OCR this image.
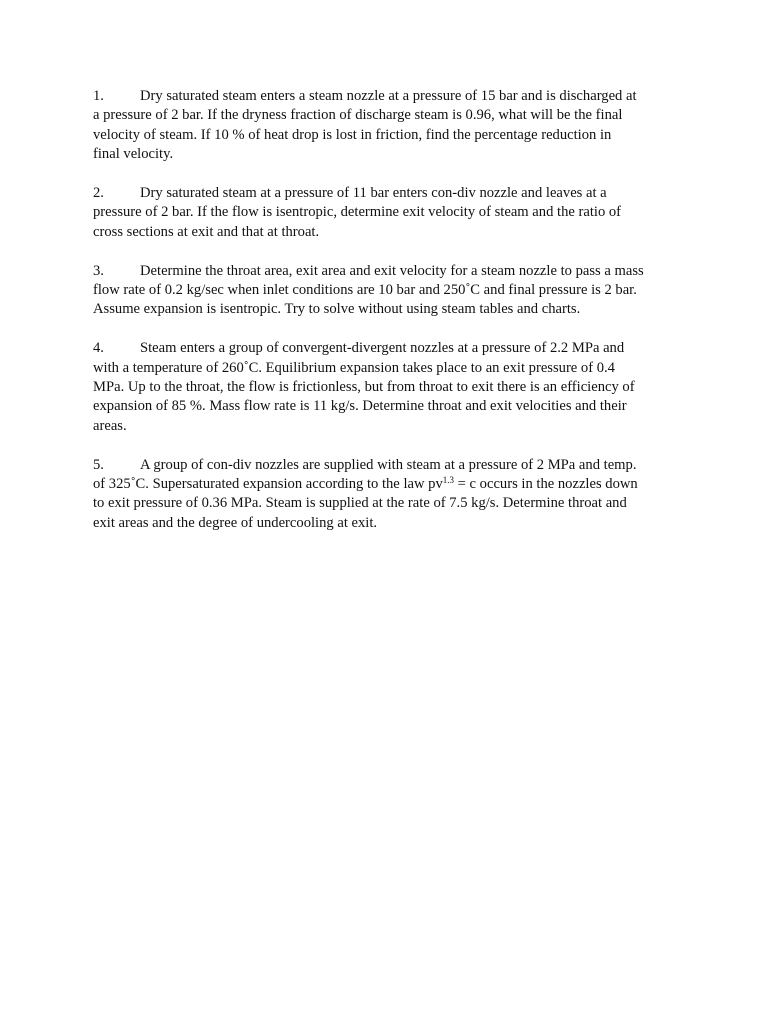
1. Dry saturated steam enters a steam nozzle at a pressure of 15 bar and is discharged at
a pressure of 2 bar. If the dryness fraction of discharge steam is 0.96, what will be the final
velocity of steam. If 10 % of heat drop is lost in friction, find the percentage reduction in
final velocity.
2. Dry saturated steam at a pressure of 11 bar enters con-div nozzle and leaves at a
pressure of 2 bar. If the flow is isentropic, determine exit velocity of steam and the ratio of
cross sections at exit and that at throat.
3. Determine the throat area, exit area and exit velocity for a steam nozzle to pass a mass
flow rate of 0.2 kg/sec when inlet conditions are 10 bar and 250˚C and final pressure is 2 bar.
Assume expansion is isentropic. Try to solve without using steam tables and charts.
4. Steam enters a group of convergent-divergent nozzles at a pressure of 2.2 MPa and
with a temperature of 260˚C. Equilibrium expansion takes place to an exit pressure of 0.4
MPa. Up to the throat, the flow is frictionless, but from throat to exit there is an efficiency of
expansion of 85 %. Mass flow rate is 11 kg/s. Determine throat and exit velocities and their
areas.
5. A group of con-div nozzles are supplied with steam at a pressure of 2 MPa and temp.
of 325˚C. Supersaturated expansion according to the law $pv^{1.3} = c$ occurs in the nozzles down
to exit pressure of 0.36 MPa. Steam is supplied at the rate of 7.5 kg/s. Determine throat and
exit areas and the degree of undercooling at exit.
